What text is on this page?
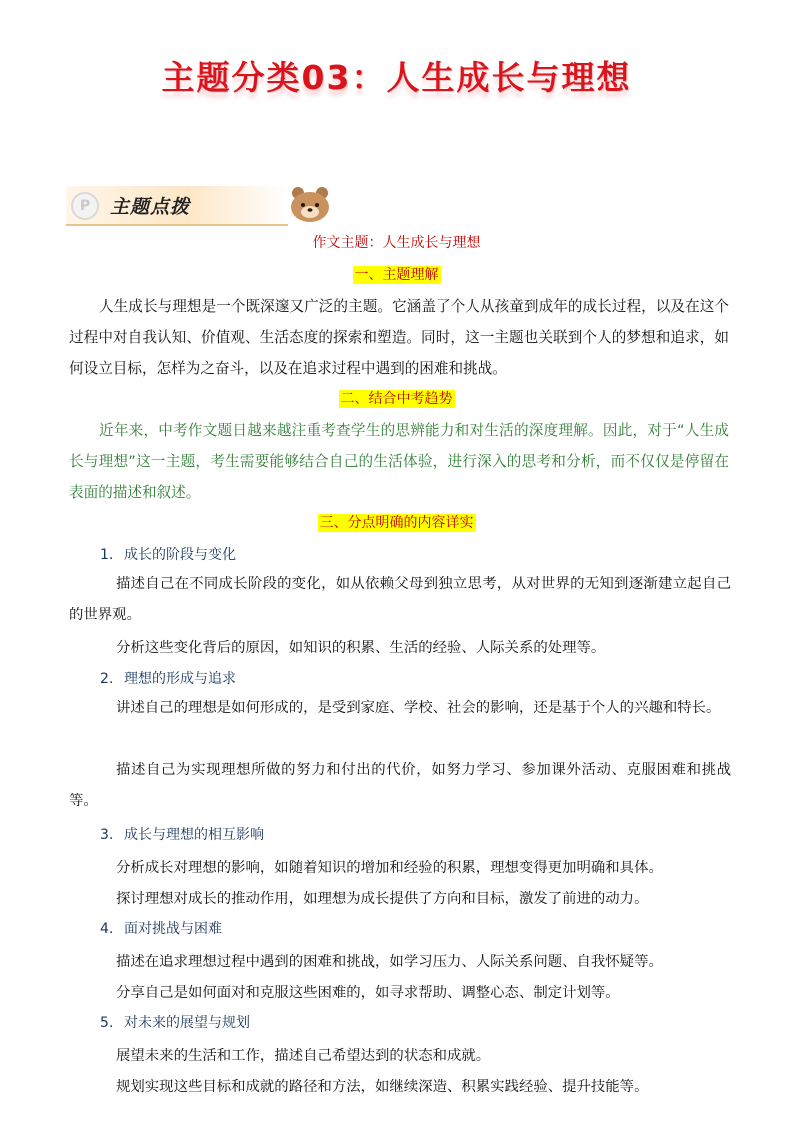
主题分类03：人生成长与理想
P	主题点拨
作文主题：人生成长与理想
一、主题理解
人生成长与理想是一个既深邃又广泛的主题。它涵盖了个人从孩童到成年的成长过程，以及在这个过程中对自我认知、价值观、生活态度的探索和塑造。同时，这一主题也关联到个人的梦想和追求，如何设立目标，怎样为之奋斗，以及在追求过程中遇到的困难和挑战。
二、结合中考趋势
近年来，中考作文题日越来越注重考查学生的思辨能力和对生活的深度理解。因此，对于“人生成长与理想”这一主题，考生需要能够结合自己的生活体验，进行深入的思考和分析，而不仅仅是停留在表面的描述和叙述。
三、分点明确的内容详实
1. 成长的阶段与变化
描述自己在不同成长阶段的变化，如从依赖父母到独立思考，从对世界的无知到逐渐建立起自己的世界观。
分析这些变化背后的原因，如知识的积累、生活的经验、人际关系的处理等。
2. 理想的形成与追求
讲述自己的理想是如何形成的，是受到家庭、学校、社会的影响，还是基于个人的兴趣和特长。
描述自己为实现理想所做的努力和付出的代价，如努力学习、参加课外活动、克服困难和挑战等。
3. 成长与理想的相互影响
分析成长对理想的影响，如随着知识的增加和经验的积累，理想变得更加明确和具体。
探讨理想对成长的推动作用，如理想为成长提供了方向和目标，激发了前进的动力。
4. 面对挑战与困难
描述在追求理想过程中遇到的困难和挑战，如学习压力、人际关系问题、自我怀疑等。
分享自己是如何面对和克服这些困难的，如寻求帮助、调整心态、制定计划等。
5. 对未来的展望与规划
展望未来的生活和工作，描述自己希望达到的状态和成就。
规划实现这些目标和成就的路径和方法，如继续深造、积累实践经验、提升技能等。
